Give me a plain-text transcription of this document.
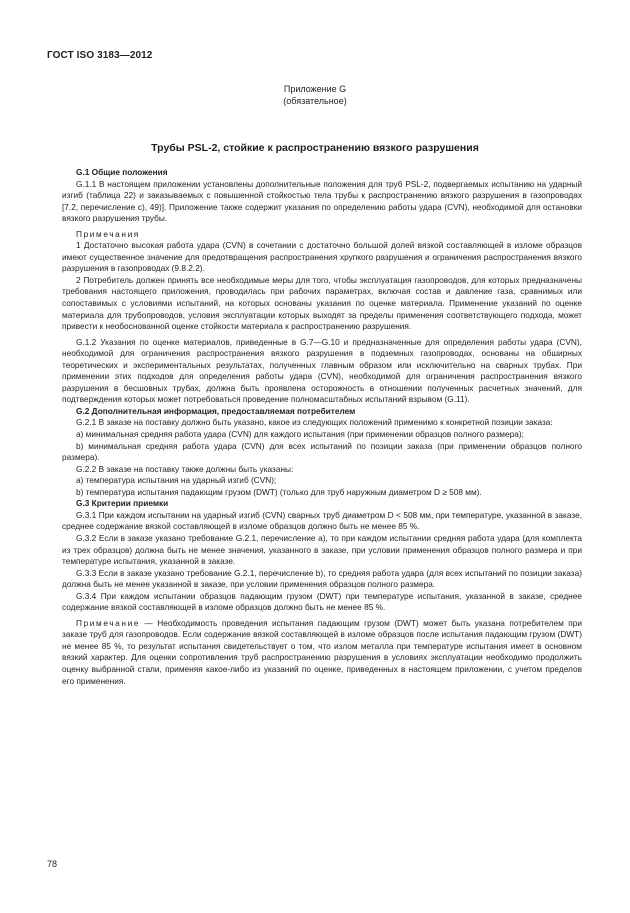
ГОСТ ISO 3183—2012
Приложение G
(обязательное)
Трубы PSL-2, стойкие к распространению вязкого разрушения

G.1 Общие положения

G.1.1 В настоящем приложении установлены дополнительные положения для труб PSL-2, подвергаемых испытанию на ударный изгиб (таблица 22) и заказываемых с повышенной стойкостью тела трубы к распространению вязкого разрушения в газопроводах [7.2, перечисление c), 49)]. Приложение также содержит указания по определению работы удара (CVN), необходимой для остановки вязкого разрушения трубы.

Примечания

1 Достаточно высокая работа удара (CVN) в сочетании с достаточно большой долей вязкой составляющей в изломе образцов имеют существенное значение для предотвращения распространения хрупкого разрушения и ограничения распространения вязкого разрушения в газопроводах (9.8.2.2).

2 Потребитель должен принять все необходимые меры для того, чтобы эксплуатация газопроводов, для которых предназначены требования настоящего приложения, проводилась при рабочих параметрах, включая состав и давление газа, сравнимых или сопоставимых с условиями испытаний, на которых основаны указания по оценке материала. Применение указаний по оценке материала для трубопроводов, условия эксплуатации которых выходят за пределы применения соответствующего подхода, может привести к необоснованной оценке стойкости материала к распространению разрушения.

G.1.2 Указания по оценке материалов, приведенные в G.7—G.10 и предназначенные для определения работы удара (CVN), необходимой для ограничения распространения вязкого разрушения в подземных газопроводах, основаны на обширных теоретических и экспериментальных результатах, полученных главным образом или исключительно на сварных трубах. При применении этих подходов для определения работы удара (CVN), необходимой для ограничения распространения вязкого разрушения в бесшовных трубах, должна быть проявлена осторожность в отношении полученных расчетных значений, для подтверждения которых может потребоваться проведение полномасштабных испытаний взрывом (G.11).

G.2 Дополнительная информация, предоставляемая потребителем

G.2.1 В заказе на поставку должно быть указано, какое из следующих положений применимо к конкретной позиции заказа:

a) минимальная средняя работа удара (CVN) для каждого испытания (при применении образцов полного размера);

b) минимальная средняя работа удара (CVN) для всех испытаний по позиции заказа (при применении образцов полного размера).

G.2.2 В заказе на поставку также должны быть указаны:

a) температура испытания на ударный изгиб (CVN);

b) температура испытания падающим грузом (DWT) (только для труб наружным диаметром D ≥ 508 мм).

G.3 Критерии приемки

G.3.1 При каждом испытании на ударный изгиб (CVN) сварных труб диаметром D < 508 мм, при температуре, указанной в заказе, среднее содержание вязкой составляющей в изломе образцов должно быть не менее 85 %.

G.3.2 Если в заказе указано требование G.2.1, перечисление a), то при каждом испытании средняя работа удара (для комплекта из трех образцов) должна быть не менее значения, указанного в заказе, при условии применения образцов полного размера и при температуре испытания, указанной в заказе.

G.3.3 Если в заказе указано требование G.2.1, перечисление b), то средняя работа удара (для всех испытаний по позиции заказа) должна быть не менее указанной в заказе, при условии применения образцов полного размера.

G.3.4 При каждом испытании образцов падающим грузом (DWT) при температуре испытания, указанной в заказе, среднее содержание вязкой составляющей в изломе образцов должно быть не менее 85 %.

Примечание — Необходимость проведения испытания падающим грузом (DWT) может быть указана потребителем при заказе труб для газопроводов. Если содержание вязкой составляющей в изломе образцов после испытания падающим грузом (DWT) не менее 85 %, то результат испытания свидетельствует о том, что излом металла при температуре испытания имеет в основном вязкий характер. Для оценки сопротивления труб распространению разрушения в условиях эксплуатации необходимо продолжить оценку выбранной стали, применяя какое-либо из указаний по оценке, приведенных в настоящем приложении, с учетом пределов его применения.

78
